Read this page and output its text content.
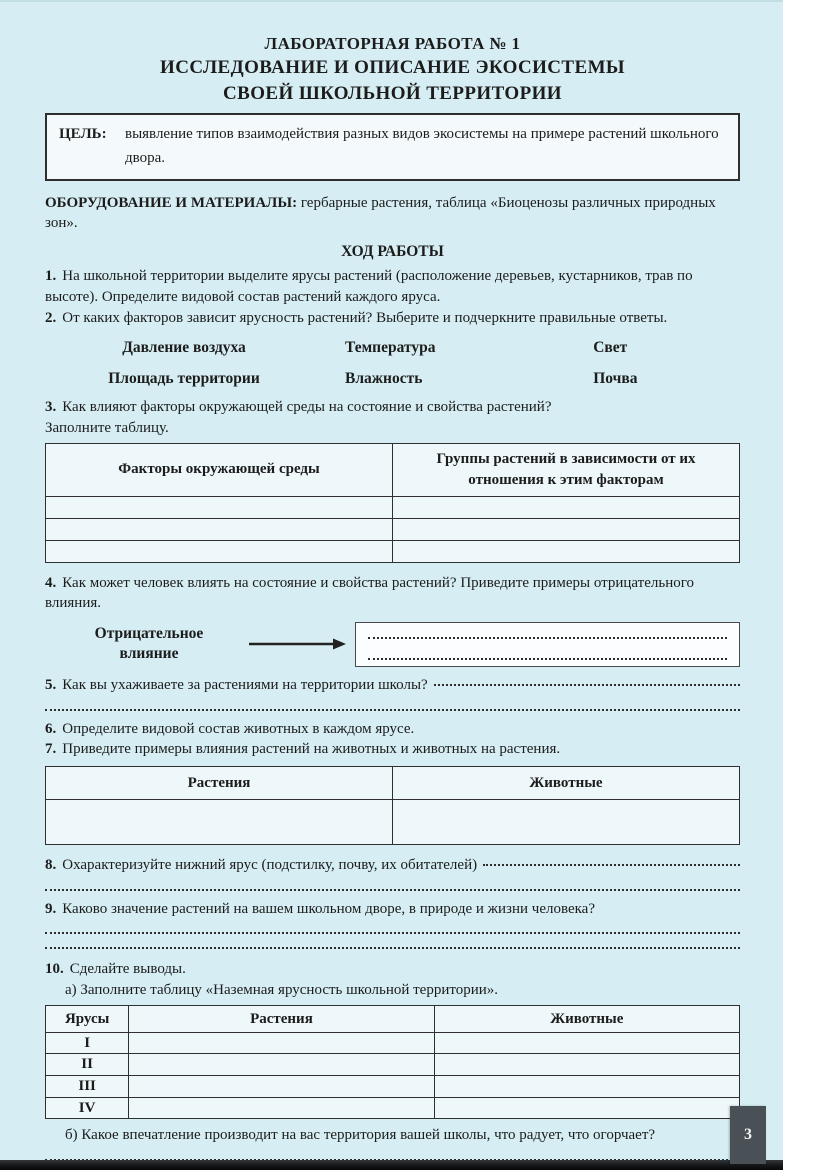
ЛАБОРАТОРНАЯ РАБОТА № 1
ИССЛЕДОВАНИЕ И ОПИСАНИЕ ЭКОСИСТЕМЫ
СВОЕЙ ШКОЛЬНОЙ ТЕРРИТОРИИ
ЦЕЛЬ:	выявление типов взаимодействия разных видов экосистемы на примере растений школьного двора.

ОБОРУДОВАНИЕ И МАТЕРИАЛЫ: гербарные растения, таблица «Биоценозы различных природных зон».

ХОД РАБОТЫ

1. На школьной территории выделите ярусы растений (расположение деревьев, кустарников, трав по высоте). Определите видовой состав растений каждого яруса.

2. От каких факторов зависит ярусность растений? Выберите и подчеркните правильные ответы.

Давление воздуха	Температура	Свет
Площадь территории	Влажность	Почва

3. Как влияют факторы окружающей среды на состояние и свойства растений?
Заполните таблицу.

Факторы окружающей среды	Группы растений в зависимости от их отношения к этим факторам

4. Как может человек влиять на состояние и свойства растений? Приведите примеры отрицательного влияния.

Отрицательное влияние
5. Как вы ухаживаете за растениями на территории школы?

6. Определите видовой состав животных в каждом ярусе.

7. Приведите примеры влияния растений на животных и животных на растения.

Растения	Животные

8. Охарактеризуйте нижний ярус (подстилку, почву, их обитателей)

9. Каково значение растений на вашем школьном дворе, в природе и жизни человека?

10. Сделайте выводы.

а) Заполните таблицу «Наземная ярусность школьной территории».

Ярусы	Растения	Животные
I		
II		
III		
IV		

б) Какое впечатление производит на вас территория вашей школы, что радует, что огорчает?	3
